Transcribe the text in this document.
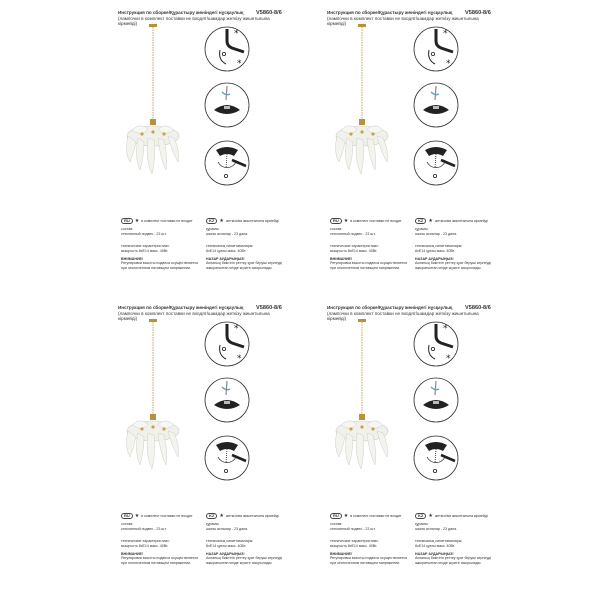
Инструкция по сборке/Құрастыру жөніндегі нұсқаулық
(лампочки в комплект поставки не входят/шамдар жеткізу жиынтығына кірмейді)
V5860-8/6
*
*
RU ★ в комплект поставки не входит
состав:
стеклянный подвес - 23 шт.
технические характеристики:
мощность 8xE14 макс. 40Вт.
ВНИМАНИЕ!
Регулировка высоты подвеса осуществляется
при отключенном питающем напряжении.
KZ ★ жеткізілім жиынтығына кірмейді
құрамы:
шыны аспалар - 23 дана.
техникалық сипаттамалары:
8xE14 қуаты макс. 40Вт.
НАЗАР АУДАРЫҢЫЗ!
Аспаның биіктігін реттеу қуат берушi кернеудi
ажыратылған кезде жүзеге асырылады.
Инструкция по сборке/Құрастыру жөніндегі нұсқаулық
(лампочки в комплект поставки не входят/шамдар жеткізу жиынтығына кірмейді)
V5860-8/6
*
*
RU ★ в комплект поставки не входит
состав:
стеклянный подвес - 23 шт.
технические характеристики:
мощность 8xE14 макс. 40Вт.
ВНИМАНИЕ!
Регулировка высоты подвеса осуществляется
при отключенном питающем напряжении.
KZ ★ жеткізілім жиынтығына кірмейді
құрамы:
шыны аспалар - 23 дана.
техникалық сипаттамалары:
8xE14 қуаты макс. 40Вт.
НАЗАР АУДАРЫҢЫЗ!
Аспаның биіктігін реттеу қуат берушi кернеудi
ажыратылған кезде жүзеге асырылады.
Инструкция по сборке/Құрастыру жөніндегі нұсқаулық
(лампочки в комплект поставки не входят/шамдар жеткізу жиынтығына кірмейді)
V5860-8/6
*
*
RU ★ в комплект поставки не входит
состав:
стеклянный подвес - 23 шт.
технические характеристики:
мощность 8xE14 макс. 40Вт.
ВНИМАНИЕ!
Регулировка высоты подвеса осуществляется
при отключенном питающем напряжении.
KZ ★ жеткізілім жиынтығына кірмейді
құрамы:
шыны аспалар - 23 дана.
техникалық сипаттамалары:
8xE14 қуаты макс. 40Вт.
НАЗАР АУДАРЫҢЫЗ!
Аспаның биіктігін реттеу қуат берушi кернеудi
ажыратылған кезде жүзеге асырылады.
Инструкция по сборке/Құрастыру жөніндегі нұсқаулық
(лампочки в комплект поставки не входят/шамдар жеткізу жиынтығына кірмейді)
V5860-8/6
*
*
RU ★ в комплект поставки не входит
состав:
стеклянный подвес - 23 шт.
технические характеристики:
мощность 8xE14 макс. 40Вт.
ВНИМАНИЕ!
Регулировка высоты подвеса осуществляется
при отключенном питающем напряжении.
KZ ★ жеткізілім жиынтығына кірмейді
құрамы:
шыны аспалар - 23 дана.
техникалық сипаттамалары:
8xE14 қуаты макс. 40Вт.
НАЗАР АУДАРЫҢЫЗ!
Аспаның биіктігін реттеу қуат берушi кернеудi
ажыратылған кезде жүзеге асырылады.
